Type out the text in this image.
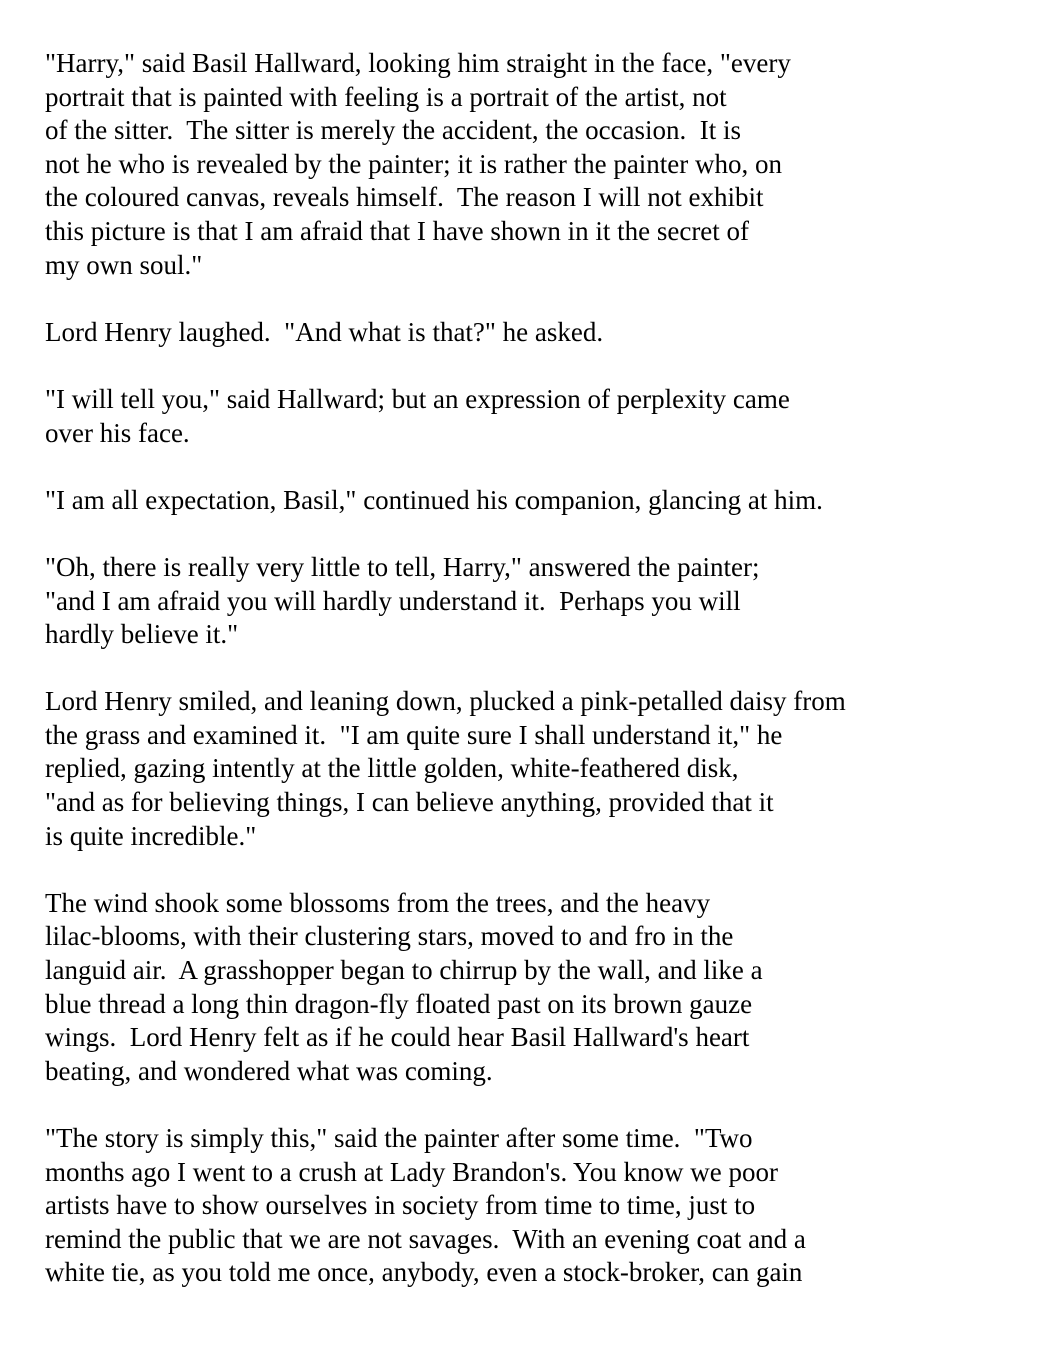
"Harry," said Basil Hallward, looking him straight in the face, "every
portrait that is painted with feeling is a portrait of the artist, not
of the sitter.  The sitter is merely the accident, the occasion.  It is
not he who is revealed by the painter; it is rather the painter who, on
the coloured canvas, reveals himself.  The reason I will not exhibit
this picture is that I am afraid that I have shown in it the secret of
my own soul."
Lord Henry laughed.  "And what is that?" he asked.
"I will tell you," said Hallward; but an expression of perplexity came
over his face.
"I am all expectation, Basil," continued his companion, glancing at him.
"Oh, there is really very little to tell, Harry," answered the painter;
"and I am afraid you will hardly understand it.  Perhaps you will
hardly believe it."
Lord Henry smiled, and leaning down, plucked a pink-petalled daisy from
the grass and examined it.  "I am quite sure I shall understand it," he
replied, gazing intently at the little golden, white-feathered disk,
"and as for believing things, I can believe anything, provided that it
is quite incredible."
The wind shook some blossoms from the trees, and the heavy
lilac-blooms, with their clustering stars, moved to and fro in the
languid air.  A grasshopper began to chirrup by the wall, and like a
blue thread a long thin dragon-fly floated past on its brown gauze
wings.  Lord Henry felt as if he could hear Basil Hallward's heart
beating, and wondered what was coming.
"The story is simply this," said the painter after some time.  "Two
months ago I went to a crush at Lady Brandon's. You know we poor
artists have to show ourselves in society from time to time, just to
remind the public that we are not savages.  With an evening coat and a
white tie, as you told me once, anybody, even a stock-broker, can gain
